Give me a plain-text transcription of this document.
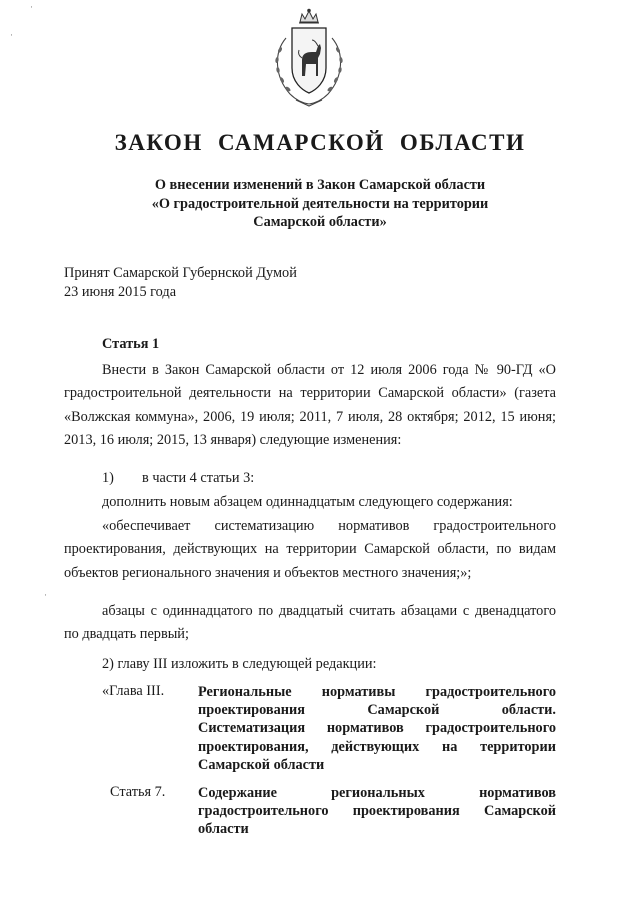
·
·
·
ЗАКОН САМАРСКОЙ ОБЛАСТИ
О внесении изменений в Закон Самарской области
«О градостроительной деятельности на территории
Самарской области»
Принят Самарской Губернской Думой
23 июня 2015 года
Статья 1
Внести в Закон Самарской области от 12 июля 2006 года № 90-ГД «О градостроительной деятельности на территории Самарской области» (газета «Волжская коммуна», 2006, 19 июля; 2011, 7 июля, 28 октября; 2012, 15 июня; 2013, 16 июля; 2015, 13 января) следующие изменения:
1) в части 4 статьи 3:
дополнить новым абзацем одиннадцатым следующего содержания:
«обеспечивает систематизацию нормативов градостроительного проектирования, действующих на территории Самарской области, по видам объектов регионального значения и объектов местного значения;»;
абзацы с одиннадцатого по двадцатый считать абзацами с двенадцатого по двадцать первый;
2) главу III изложить в следующей редакции:
«Глава III. Региональные нормативы градостроительного
проектирования Самарской области.
Систематизация нормативов градостроительного
проектирования, действующих на территории
Самарской области
Статья 7. Содержание региональных нормативов
градостроительного проектирования Самарской
области
